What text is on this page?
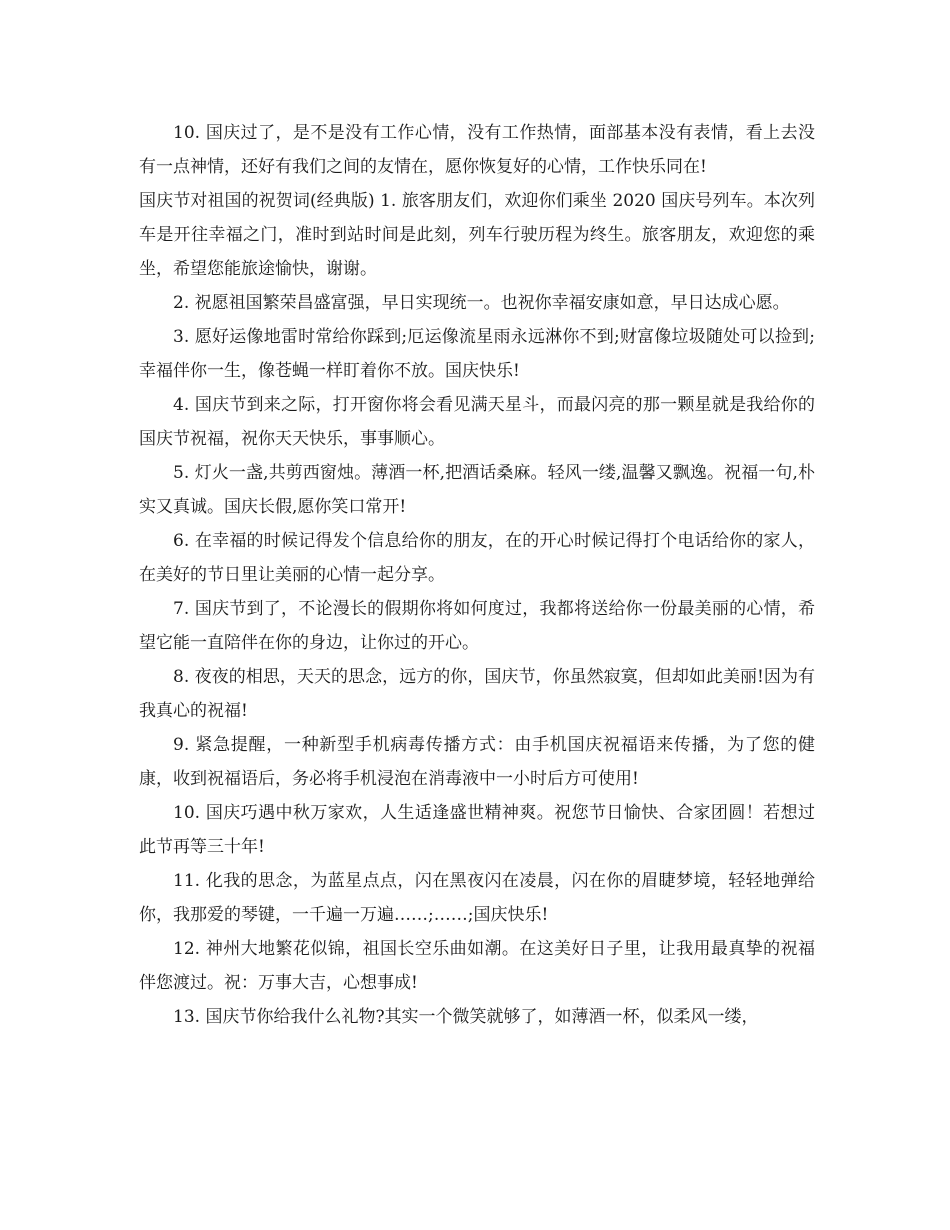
10. 国庆过了，是不是没有工作心情，没有工作热情，面部基本没有表情，看上去没有一点神情，还好有我们之间的友情在，愿你恢复好的心情，工作快乐同在!

国庆节对祖国的祝贺词(经典版) 1. 旅客朋友们，欢迎你们乘坐 2020 国庆号列车。本次列车是开往幸福之门，准时到站时间是此刻，列车行驶历程为终生。旅客朋友，欢迎您的乘坐，希望您能旅途愉快，谢谢。

2. 祝愿祖国繁荣昌盛富强，早日实现统一。也祝你幸福安康如意，早日达成心愿。

3. 愿好运像地雷时常给你踩到;厄运像流星雨永远淋你不到;财富像垃圾随处可以捡到;幸福伴你一生，像苍蝇一样盯着你不放。国庆快乐!

4. 国庆节到来之际，打开窗你将会看见满天星斗，而最闪亮的那一颗星就是我给你的国庆节祝福，祝你天天快乐，事事顺心。

5. 灯火一盏,共剪西窗烛。薄酒一杯,把酒话桑麻。轻风一缕,温馨又飘逸。祝福一句,朴实又真诚。国庆长假,愿你笑口常开!

6. 在幸福的时候记得发个信息给你的朋友，在的开心时候记得打个电话给你的家人，在美好的节日里让美丽的心情一起分享。

7. 国庆节到了，不论漫长的假期你将如何度过，我都将送给你一份最美丽的心情，希望它能一直陪伴在你的身边，让你过的开心。

8. 夜夜的相思，天天的思念，远方的你，国庆节，你虽然寂寞，但却如此美丽!因为有我真心的祝福!

9. 紧急提醒，一种新型手机病毒传播方式：由手机国庆祝福语来传播，为了您的健康，收到祝福语后，务必将手机浸泡在消毒液中一小时后方可使用!

10. 国庆巧遇中秋万家欢，人生适逢盛世精神爽。祝您节日愉快、合家团圆！若想过此节再等三十年!

11. 化我的思念，为蓝星点点，闪在黑夜闪在凌晨，闪在你的眉睫梦境，轻轻地弹给你，我那爱的琴键，一千遍一万遍……;……;国庆快乐!

12. 神州大地繁花似锦，祖国长空乐曲如潮。在这美好日子里，让我用最真挚的祝福伴您渡过。祝：万事大吉，心想事成!

13. 国庆节你给我什么礼物?其实一个微笑就够了，如薄酒一杯，似柔风一缕，
